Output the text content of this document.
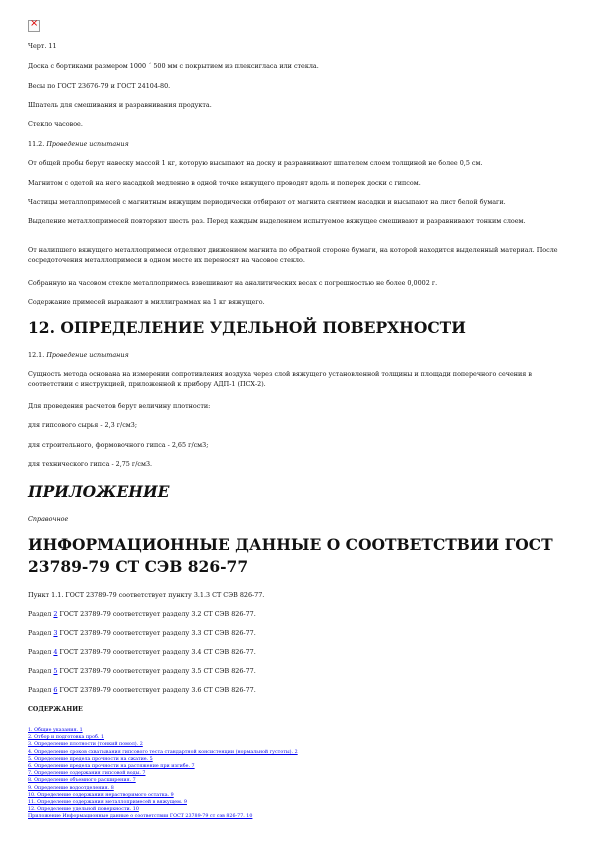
×
Черт. 11
Доска с бортиками размером 1000 ´ 500 мм с покрытием из плексигласа или стекла.
Весы по ГОСТ 23676-79 и ГОСТ 24104-80.
Шпатель для смешивания и разравнивания продукта.
Стекло часовое.
11.2. Проведение испытания
От общей пробы берут навеску массой 1 кг, которую высыпают на доску и разравнивают шпателем слоем толщиной не более 0,5 см.
Магнитом с одетой на него насадкой медленно в одной точке вяжущего проводят вдоль и поперек доски с гипсом.
Частицы металлопримесей с магнитным вяжущим периодически отбирают от магнита снятием насадки и высыпают на лист белой бумаги.
Выделение металлопримесей повторяют шесть раз. Перед каждым выделением испытуемое вяжущее смешивают и разравнивают тонким слоем.
От налипшего вяжущего металлопримеси отделяют движением магнита по обратной стороне бумаги, на которой находится выделенный материал. После сосредоточения металлопримеси в одном месте их переносят на часовое стекло.
Собранную на часовом стекле металлопримесь взвешивают на аналитических весах с погрешностью не более 0,0002 г.
Содержание примесей выражают в миллиграммах на 1 кг вяжущего.
12. ОПРЕДЕЛЕНИЕ УДЕЛЬНОЙ ПОВЕРХНОСТИ
12.1. Проведение испытания
Сущность метода основана на измерении сопротивления воздуха через слой вяжущего установленной толщины и площади поперечного сечения в соответствии с инструкцией, приложенной к прибору АДП-1 (ПСХ-2).
Для проведения расчетов берут величину плотности:
для гипсового сырья - 2,3 г/см3;
для строительного, формовочного гипса - 2,65 г/см3;
для технического гипса - 2,75 г/см3.
ПРИЛОЖЕНИЕ
Справочное
ИНФОРМАЦИОННЫЕ ДАННЫЕ О СООТВЕТСТВИИ ГОСТ 23789-79 СТ СЭВ 826-77
Пункт 1.1. ГОСТ 23789-79 соответствует пункту 3.1.3 СТ СЭВ 826-77.
Раздел 2 ГОСТ 23789-79 соответствует разделу 3.2 СТ СЭВ 826-77.
Раздел 3 ГОСТ 23789-79 соответствует разделу 3.3 СТ СЭВ 826-77.
Раздел 4 ГОСТ 23789-79 соответствует разделу 3.4 СТ СЭВ 826-77.
Раздел 5 ГОСТ 23789-79 соответствует разделу 3.5 СТ СЭВ 826-77.
Раздел 6 ГОСТ 23789-79 соответствует разделу 3.6 СТ СЭВ 826-77.
СОДЕРЖАНИЕ
1. Общие указания. 1
2. Отбор и подготовка проб. 1
3. Определение плотности (тонкий помол). 2
4. Определение сроков схватывания гипсового теста стандартной консистенции (нормальной густоты). 2
5. Определение предела прочности на сжатие. 5
6. Определение предела прочности на растяжение при изгибе. 7
7. Определение содержания гипсовой воды. 7
8. Определение объемного расширения. 7
9. Определение водоотделения. 8
10. Определение содержания нерастворимого остатка. 9
11. Определение содержания металлопримесей в вяжущем. 9
12. Определение удельной поверхности. 10
Приложение Информационные данные о соответствии ГОСТ 23789-79 ст сэв 826-77. 10
